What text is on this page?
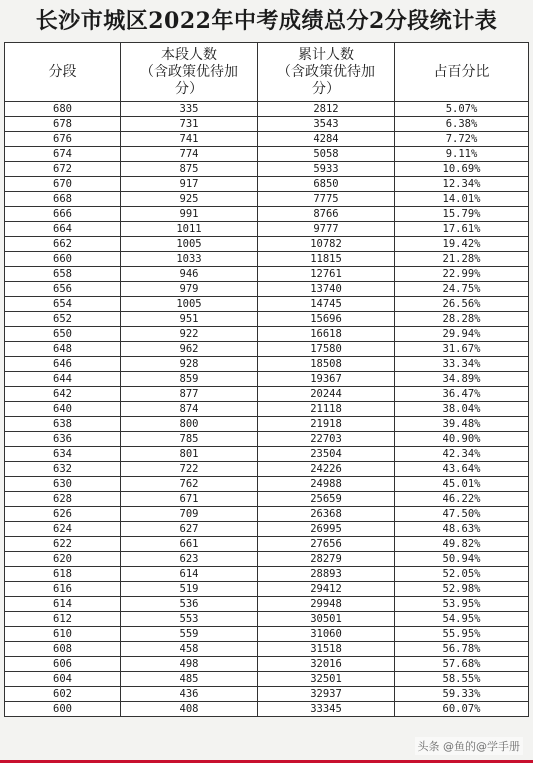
长沙市城区2022年中考成绩总分2分段统计表
分段	本段人数
（含政策优待加
分）	累计人数
（含政策优待加
分）	占百分比

680	335	2812	5.07%
678	731	3543	6.38%
676	741	4284	7.72%
674	774	5058	9.11%
672	875	5933	10.69%
670	917	6850	12.34%
668	925	7775	14.01%
666	991	8766	15.79%
664	1011	9777	17.61%
662	1005	10782	19.42%
660	1033	11815	21.28%
658	946	12761	22.99%
656	979	13740	24.75%
654	1005	14745	26.56%
652	951	15696	28.28%
650	922	16618	29.94%
648	962	17580	31.67%
646	928	18508	33.34%
644	859	19367	34.89%
642	877	20244	36.47%
640	874	21118	38.04%
638	800	21918	39.48%
636	785	22703	40.90%
634	801	23504	42.34%
632	722	24226	43.64%
630	762	24988	45.01%
628	671	25659	46.22%
626	709	26368	47.50%
624	627	26995	48.63%
622	661	27656	49.82%
620	623	28279	50.94%
618	614	28893	52.05%
616	519	29412	52.98%
614	536	29948	53.95%
612	553	30501	54.95%
610	559	31060	55.95%
608	458	31518	56.78%
606	498	32016	57.68%
604	485	32501	58.55%
602	436	32937	59.33%
600	408	33345	60.07%
头条 @鱼的@学手册
